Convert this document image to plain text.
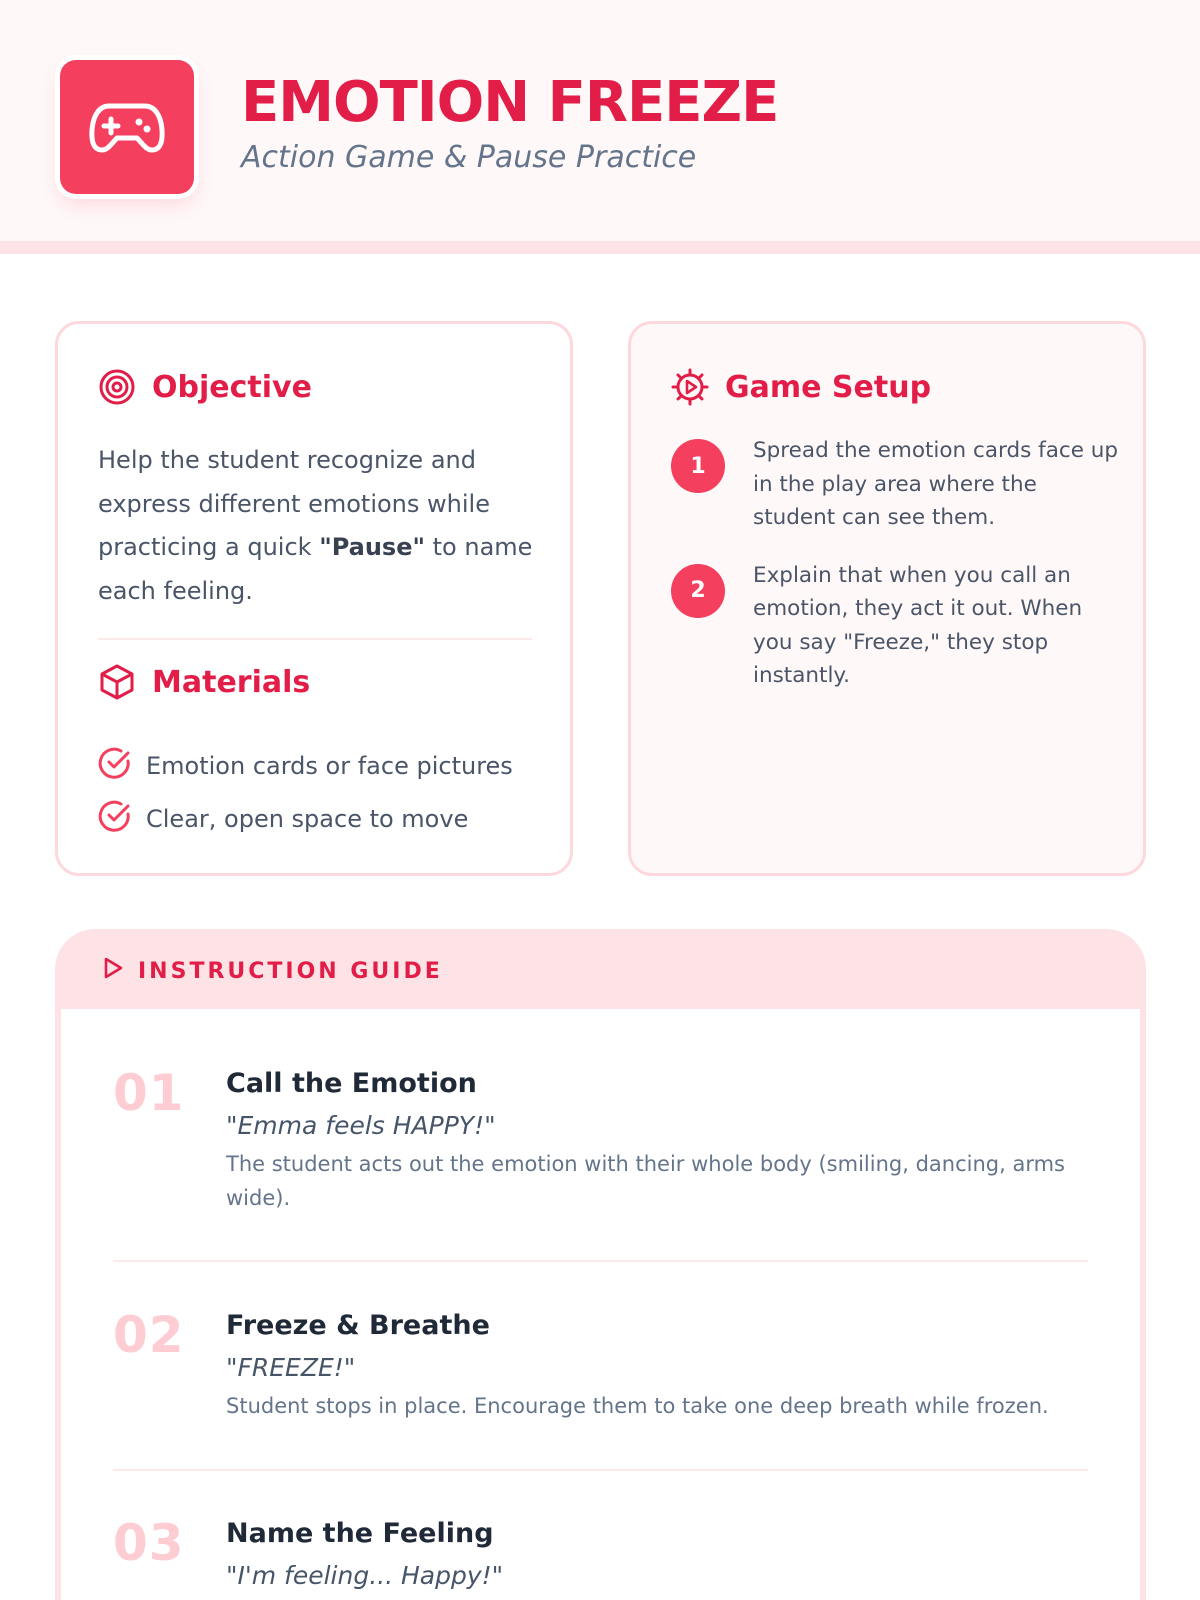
EMOTION FREEZE
Action Game & Pause Practice
Objective

Help the student recognize and express different emotions while practicing a quick "Pause" to name each feeling.

Materials
Emotion cards or face pictures
Clear, open space to move
Game Setup
1
Spread the emotion cards face up in the play area where the student can see them.
2
Explain that when you call an emotion, they act it out. When you say "Freeze," they stop instantly.
INSTRUCTION GUIDE
01 Call the Emotion
"Emma feels HAPPY!"
The student acts out the emotion with their whole body (smiling, dancing, arms wide).
02 Freeze & Breathe
"FREEZE!"
Student stops in place. Encourage them to take one deep breath while frozen.
03 Name the Feeling
"I'm feeling... Happy!"
